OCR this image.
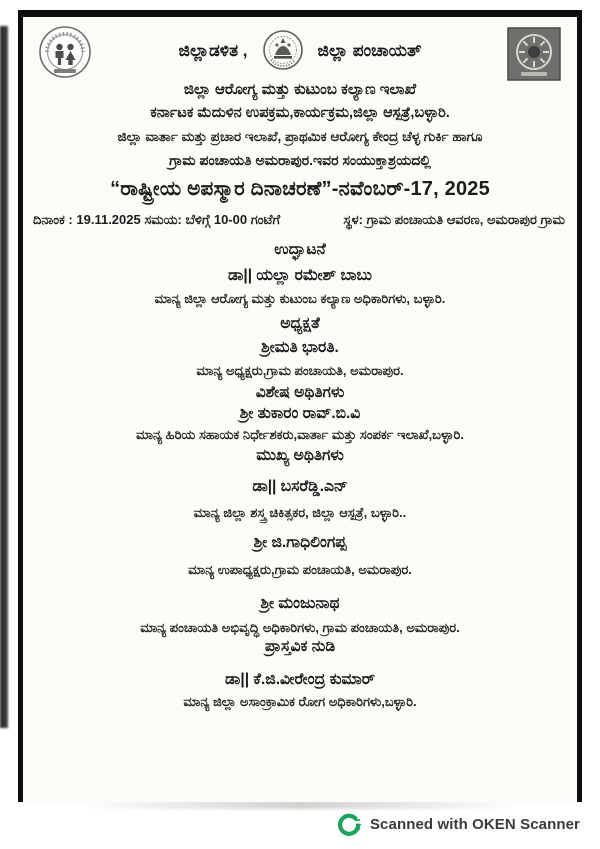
ಜಿಲ್ಲಾಡಳಿತ ,	ಜಿಲ್ಲಾ ಪಂಚಾಯತ್
ಜಿಲ್ಲಾ ಆರೋಗ್ಯ ಮತ್ತು ಕುಟುಂಬ ಕಲ್ಯಾಣ ಇಲಾಖೆ
ಕರ್ನಾಟಕ ಮೆದುಳಿನ ಉಪಕ್ರಮ,ಕಾರ್ಯಕ್ರಮ,ಜಿಲ್ಲಾ ಆಸ್ಪತ್ರೆ,ಬಳ್ಳಾರಿ.
ಜಿಲ್ಲಾ ವಾರ್ತಾ ಮತ್ತು ಪ್ರಚಾರ ಇಲಾಖೆ, ಪ್ರಾಥಮಿಕ ಆರೋಗ್ಯ ಕೇಂದ್ರ ಚೆಳ್ಳ ಗುರ್ಕಿ ಹಾಗೂ
ಗ್ರಾಮ ಪಂಚಾಯತಿ ಅಮರಾಪುರ.ಇವರ ಸಂಯುಕ್ತಾಶ್ರಯದಲ್ಲಿ
“ರಾಷ್ಟ್ರೀಯ ಅಪಸ್ಮಾರ ದಿನಾಚರಣೆ”-ನವೆಂಬರ್-17, 2025
ದಿನಾಂಕ : 19.11.2025 ಸಮಯ: ಬೆಳಿಗ್ಗೆ 10-00 ಗಂಟೆಗೆ	ಸ್ಥಳ: ಗ್ರಾಮ ಪಂಚಾಯತಿ ಆವರಣ, ಅಮರಾಪುರ ಗ್ರಾಮ
ಉದ್ಘಾಟನೆ
ಡಾ|| ಯಲ್ಲಾ ರಮೇಶ್ ಬಾಬು
ಮಾನ್ಯ ಜಿಲ್ಲಾ ಆರೋಗ್ಯ ಮತ್ತು ಕುಟುಂಬ ಕಲ್ಯಾಣ ಅಧಿಕಾರಿಗಳು, ಬಳ್ಳಾರಿ.
ಅಧ್ಯಕ್ಷತೆ
ಶ್ರೀಮತಿ ಭಾರತಿ.
ಮಾನ್ಯ ಅಧ್ಯಕ್ಷರು,ಗ್ರಾಮ ಪಂಚಾಯತಿ, ಅಮರಾಪುರ.
ವಿಶೇಷ ಅಥಿತಿಗಳು
ಶ್ರೀ ತುಕಾರಂ ರಾವ್.ಬಿ.ವಿ
ಮಾನ್ಯ ಹಿರಿಯ ಸಹಾಯಕ ನಿರ್ಧೇಶಕರು,ವಾರ್ತಾ ಮತ್ತು ಸಂಪರ್ಕ ಇಲಾಖೆ,ಬಳ್ಳಾರಿ.
ಮುಖ್ಯ ಅಥಿತಿಗಳು
ಡಾ|| ಬಸರೆಡ್ಡಿ.ಎನ್
ಮಾನ್ಯ ಜಿಲ್ಲಾ ಶಸ್ತ್ರ ಚಿಕಿತ್ಸಕರ, ಜಿಲ್ಲಾ ಆಸ್ಪತ್ರೆ, ಬಳ್ಳಾರಿ..
ಶ್ರೀ ಜಿ.ಗಾಧಿಲಿಂಗಪ್ಪ
ಮಾನ್ಯ ಉಪಾಧ್ಯಕ್ಷರು,ಗ್ರಾಮ ಪಂಚಾಯತಿ, ಅಮರಾಪುರ.
ಶ್ರೀ ಮಂಜುನಾಥ
ಮಾನ್ಯ ಪಂಚಾಯತಿ ಅಭಿವೃದ್ಧಿ ಅಧಿಕಾರಿಗಳು, ಗ್ರಾಮ ಪಂಚಾಯತಿ, ಅಮರಾಪುರ.
ಪ್ರಾಸ್ತವಿಕ ನುಡಿ
ಡಾ|| ಕೆ.ಜಿ.ವೀರೇಂದ್ರ ಕುಮಾರ್
ಮಾನ್ಯ ಜಿಲ್ಲಾ ಅಸಾಂಕ್ರಾಮಿಕ ರೋಗ ಅಧಿಕಾರಿಗಳು,ಬಳ್ಳಾರಿ.
Scanned with OKEN Scanner
